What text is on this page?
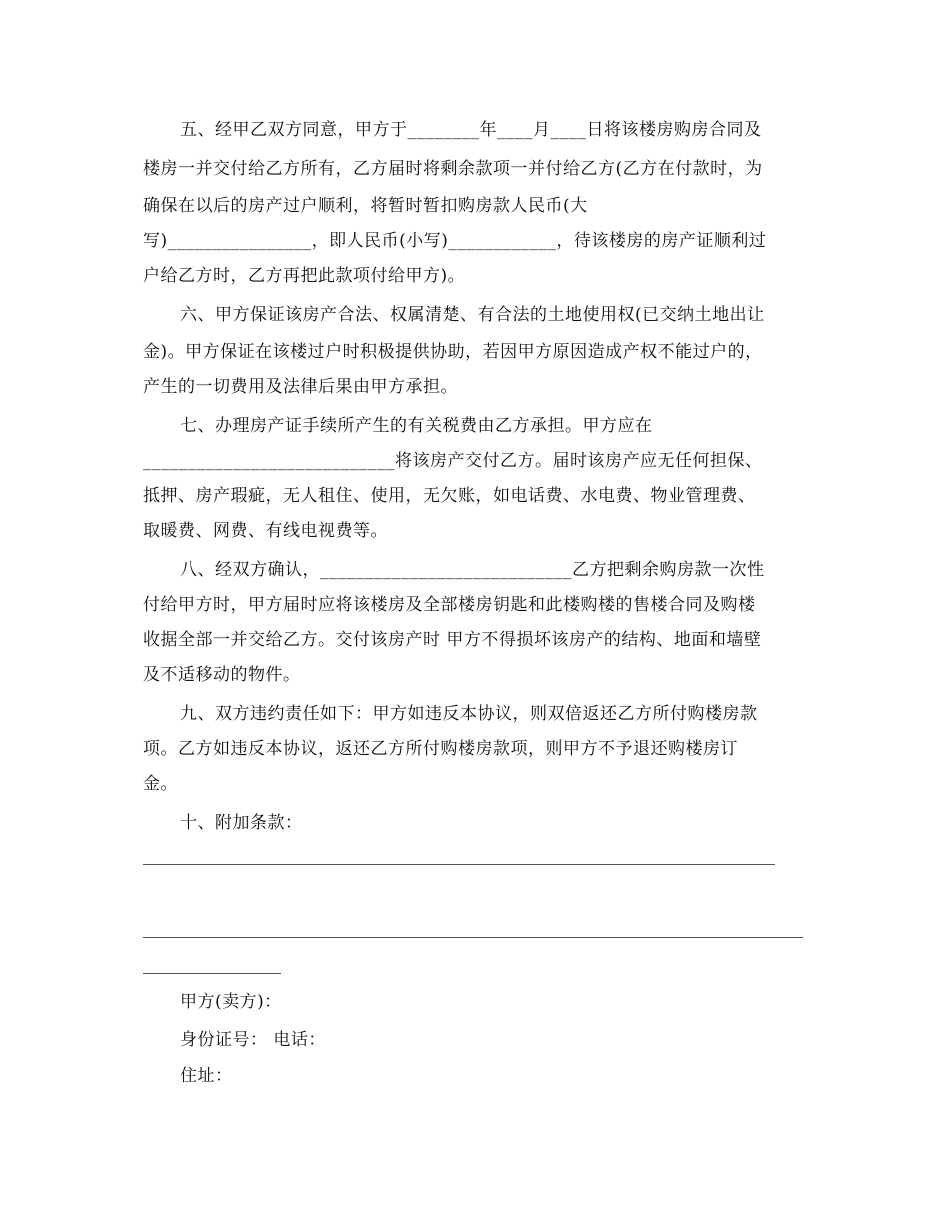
五、经甲乙双方同意，甲方于________年____月____日将该楼房购房合同及
楼房一并交付给乙方所有，乙方届时将剩余款项一并付给乙方(乙方在付款时，为
确保在以后的房产过户顺利，将暂时暂扣购房款人民币(大
写)________________，即人民币(小写)____________，待该楼房的房产证顺利过
户给乙方时，乙方再把此款项付给甲方)。
六、甲方保证该房产合法、权属清楚、有合法的土地使用权(已交纳土地出让
金)。甲方保证在该楼过户时积极提供协助，若因甲方原因造成产权不能过户的，
产生的一切费用及法律后果由甲方承担。
七、办理房产证手续所产生的有关税费由乙方承担。甲方应在
____________________________将该房产交付乙方。届时该房产应无任何担保、
抵押、房产瑕疵，无人租住、使用，无欠账，如电话费、水电费、物业管理费、
取暖费、网费、有线电视费等。
八、经双方确认，____________________________乙方把剩余购房款一次性
付给甲方时，甲方届时应将该楼房及全部楼房钥匙和此楼购楼的售楼合同及购楼
收据全部一并交给乙方。交付该房产时 甲方不得损坏该房产的结构、地面和墙壁
及不适移动的物件。
九、双方违约责任如下：甲方如违反本协议，则双倍返还乙方所付购楼房款
项。乙方如违反本协议，返还乙方所付购楼房款项，则甲方不予退还购楼房订
金。
十、附加条款：
甲方(卖方)：
身份证号： 电话：
住址：
